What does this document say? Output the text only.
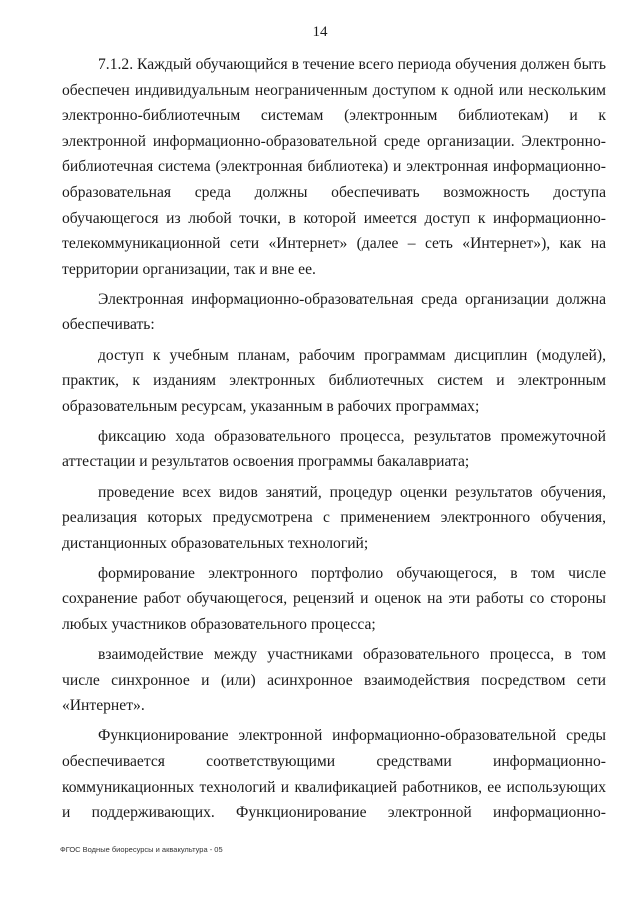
14

7.1.2. Каждый обучающийся в течение всего периода обучения должен быть обеспечен индивидуальным неограниченным доступом к одной или нескольким электронно-библиотечным системам (электронным библиотекам) и к электронной информационно-образовательной среде организации. Электронно-библиотечная система (электронная библиотека) и электронная информационно-образовательная среда должны обеспечивать возможность доступа обучающегося из любой точки, в которой имеется доступ к информационно-телекоммуникационной сети «Интернет» (далее – сеть «Интернет»), как на территории организации, так и вне ее.

Электронная информационно-образовательная среда организации должна обеспечивать:

доступ к учебным планам, рабочим программам дисциплин (модулей), практик, к изданиям электронных библиотечных систем и электронным образовательным ресурсам, указанным в рабочих программах;

фиксацию хода образовательного процесса, результатов промежуточной аттестации и результатов освоения программы бакалавриата;

проведение всех видов занятий, процедур оценки результатов обучения, реализация которых предусмотрена с применением электронного обучения, дистанционных образовательных технологий;

формирование электронного портфолио обучающегося, в том числе сохранение работ обучающегося, рецензий и оценок на эти работы со стороны любых участников образовательного процесса;

взаимодействие между участниками образовательного процесса, в том числе синхронное и (или) асинхронное взаимодействия посредством сети «Интернет».

Функционирование электронной информационно-образовательной среды обеспечивается соответствующими средствами информационно-коммуникационных технологий и квалификацией работников, ее использующих и поддерживающих. Функционирование электронной информационно-

ФГОС Водные биоресурсы и аквакультура - 05
